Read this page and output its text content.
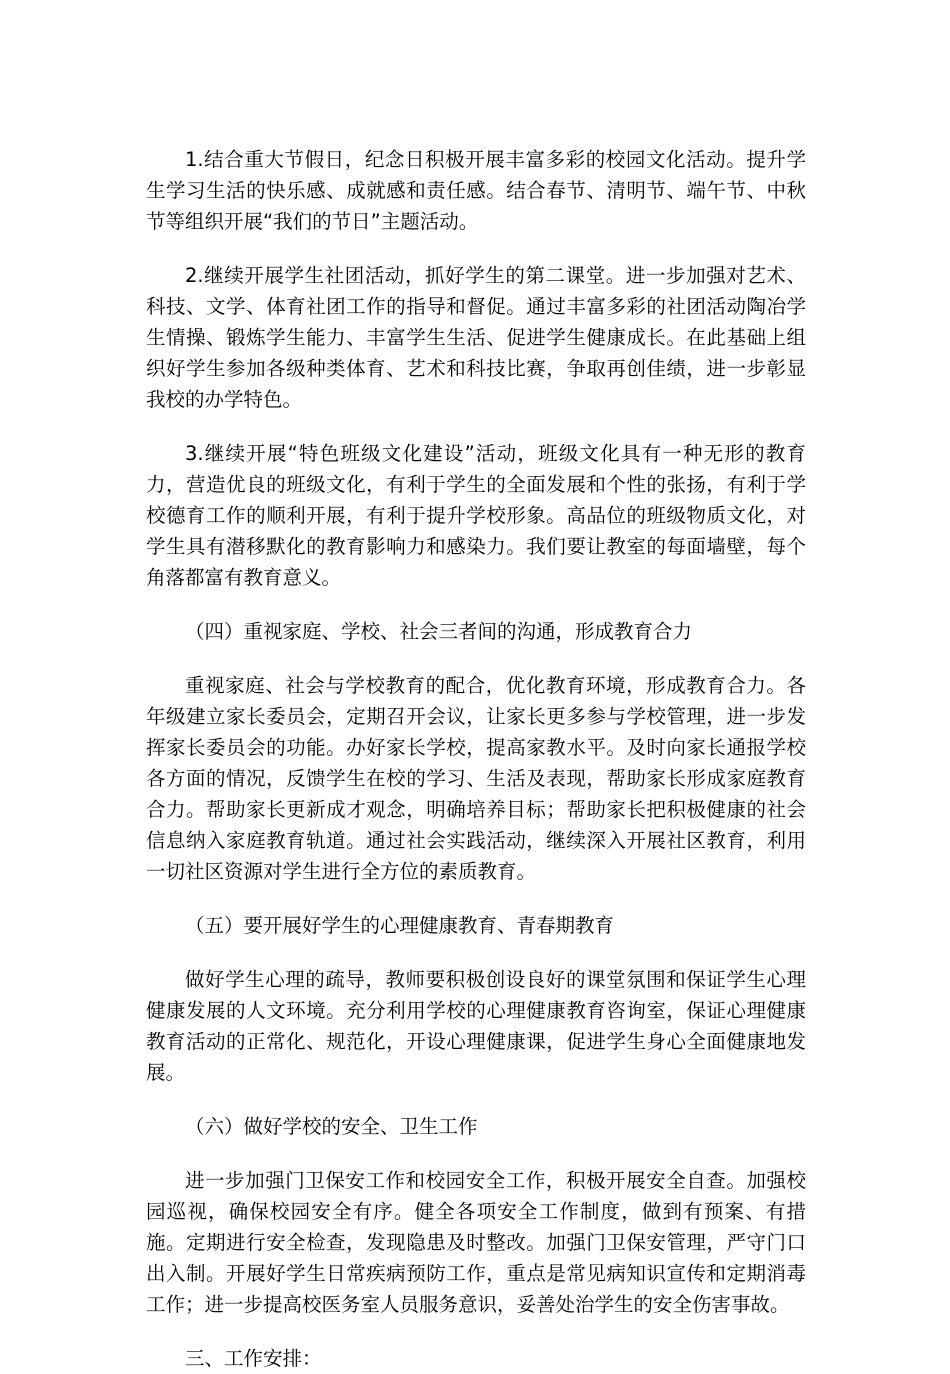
1.结合重大节假日，纪念日积极开展丰富多彩的校园文化活动。提升学生学习生活的快乐感、成就感和责任感。结合春节、清明节、端午节、中秋节等组织开展“我们的节日”主题活动。

2.继续开展学生社团活动，抓好学生的第二课堂。进一步加强对艺术、科技、文学、体育社团工作的指导和督促。通过丰富多彩的社团活动陶冶学生情操、锻炼学生能力、丰富学生生活、促进学生健康成长。在此基础上组织好学生参加各级种类体育、艺术和科技比赛，争取再创佳绩，进一步彰显我校的办学特色。

3.继续开展“特色班级文化建设”活动，班级文化具有一种无形的教育力，营造优良的班级文化，有利于学生的全面发展和个性的张扬，有利于学校德育工作的顺利开展，有利于提升学校形象。高品位的班级物质文化，对学生具有潜移默化的教育影响力和感染力。我们要让教室的每面墙壁，每个角落都富有教育意义。

（四）重视家庭、学校、社会三者间的沟通，形成教育合力

重视家庭、社会与学校教育的配合，优化教育环境，形成教育合力。各年级建立家长委员会，定期召开会议，让家长更多参与学校管理，进一步发挥家长委员会的功能。办好家长学校，提高家教水平。及时向家长通报学校各方面的情况，反馈学生在校的学习、生活及表现，帮助家长形成家庭教育合力。帮助家长更新成才观念，明确培养目标；帮助家长把积极健康的社会信息纳入家庭教育轨道。通过社会实践活动，继续深入开展社区教育，利用一切社区资源对学生进行全方位的素质教育。

（五）要开展好学生的心理健康教育、青春期教育

做好学生心理的疏导，教师要积极创设良好的课堂氛围和保证学生心理健康发展的人文环境。充分利用学校的心理健康教育咨询室，保证心理健康教育活动的正常化、规范化，开设心理健康课，促进学生身心全面健康地发展。

（六）做好学校的安全、卫生工作

进一步加强门卫保安工作和校园安全工作，积极开展安全自查。加强校园巡视，确保校园安全有序。健全各项安全工作制度，做到有预案、有措施。定期进行安全检查，发现隐患及时整改。加强门卫保安管理，严守门口出入制。开展好学生日常疾病预防工作，重点是常见病知识宣传和定期消毒工作；进一步提高校医务室人员服务意识，妥善处治学生的安全伤害事故。

三、工作安排：
